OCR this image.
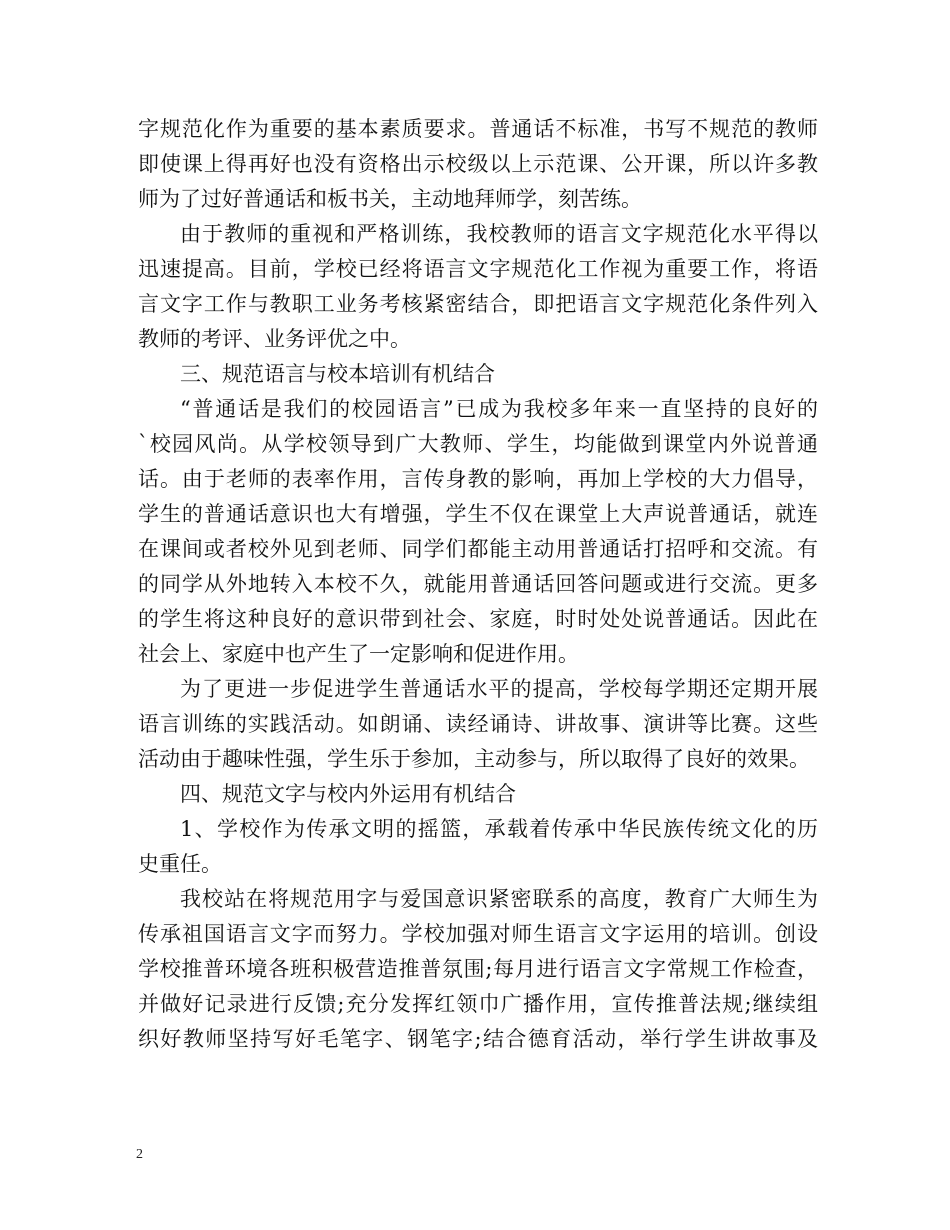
字规范化作为重要的基本素质要求。普通话不标准，书写不规范的教师
即使课上得再好也没有资格出示校级以上示范课、公开课，所以许多教
师为了过好普通话和板书关，主动地拜师学，刻苦练。
由于教师的重视和严格训练，我校教师的语言文字规范化水平得以
迅速提高。目前，学校已经将语言文字规范化工作视为重要工作，将语
言文字工作与教职工业务考核紧密结合，即把语言文字规范化条件列入
教师的考评、业务评优之中。
三、规范语言与校本培训有机结合
“普通话是我们的校园语言”已成为我校多年来一直坚持的良好的
`校园风尚。从学校领导到广大教师、学生，均能做到课堂内外说普通
话。由于老师的表率作用，言传身教的影响，再加上学校的大力倡导，
学生的普通话意识也大有增强，学生不仅在课堂上大声说普通话，就连
在课间或者校外见到老师、同学们都能主动用普通话打招呼和交流。有
的同学从外地转入本校不久，就能用普通话回答问题或进行交流。更多
的学生将这种良好的意识带到社会、家庭，时时处处说普通话。因此在
社会上、家庭中也产生了一定影响和促进作用。
为了更进一步促进学生普通话水平的提高，学校每学期还定期开展
语言训练的实践活动。如朗诵、读经诵诗、讲故事、演讲等比赛。这些
活动由于趣味性强，学生乐于参加，主动参与，所以取得了良好的效果。
四、规范文字与校内外运用有机结合
1、学校作为传承文明的摇篮，承载着传承中华民族传统文化的历
史重任。
我校站在将规范用字与爱国意识紧密联系的高度，教育广大师生为
传承祖国语言文字而努力。学校加强对师生语言文字运用的培训。创设
学校推普环境各班积极营造推普氛围;每月进行语言文字常规工作检查，
并做好记录进行反馈;充分发挥红领巾广播作用，宣传推普法规;继续组
织好教师坚持写好毛笔字、钢笔字;结合德育活动，举行学生讲故事及
2
